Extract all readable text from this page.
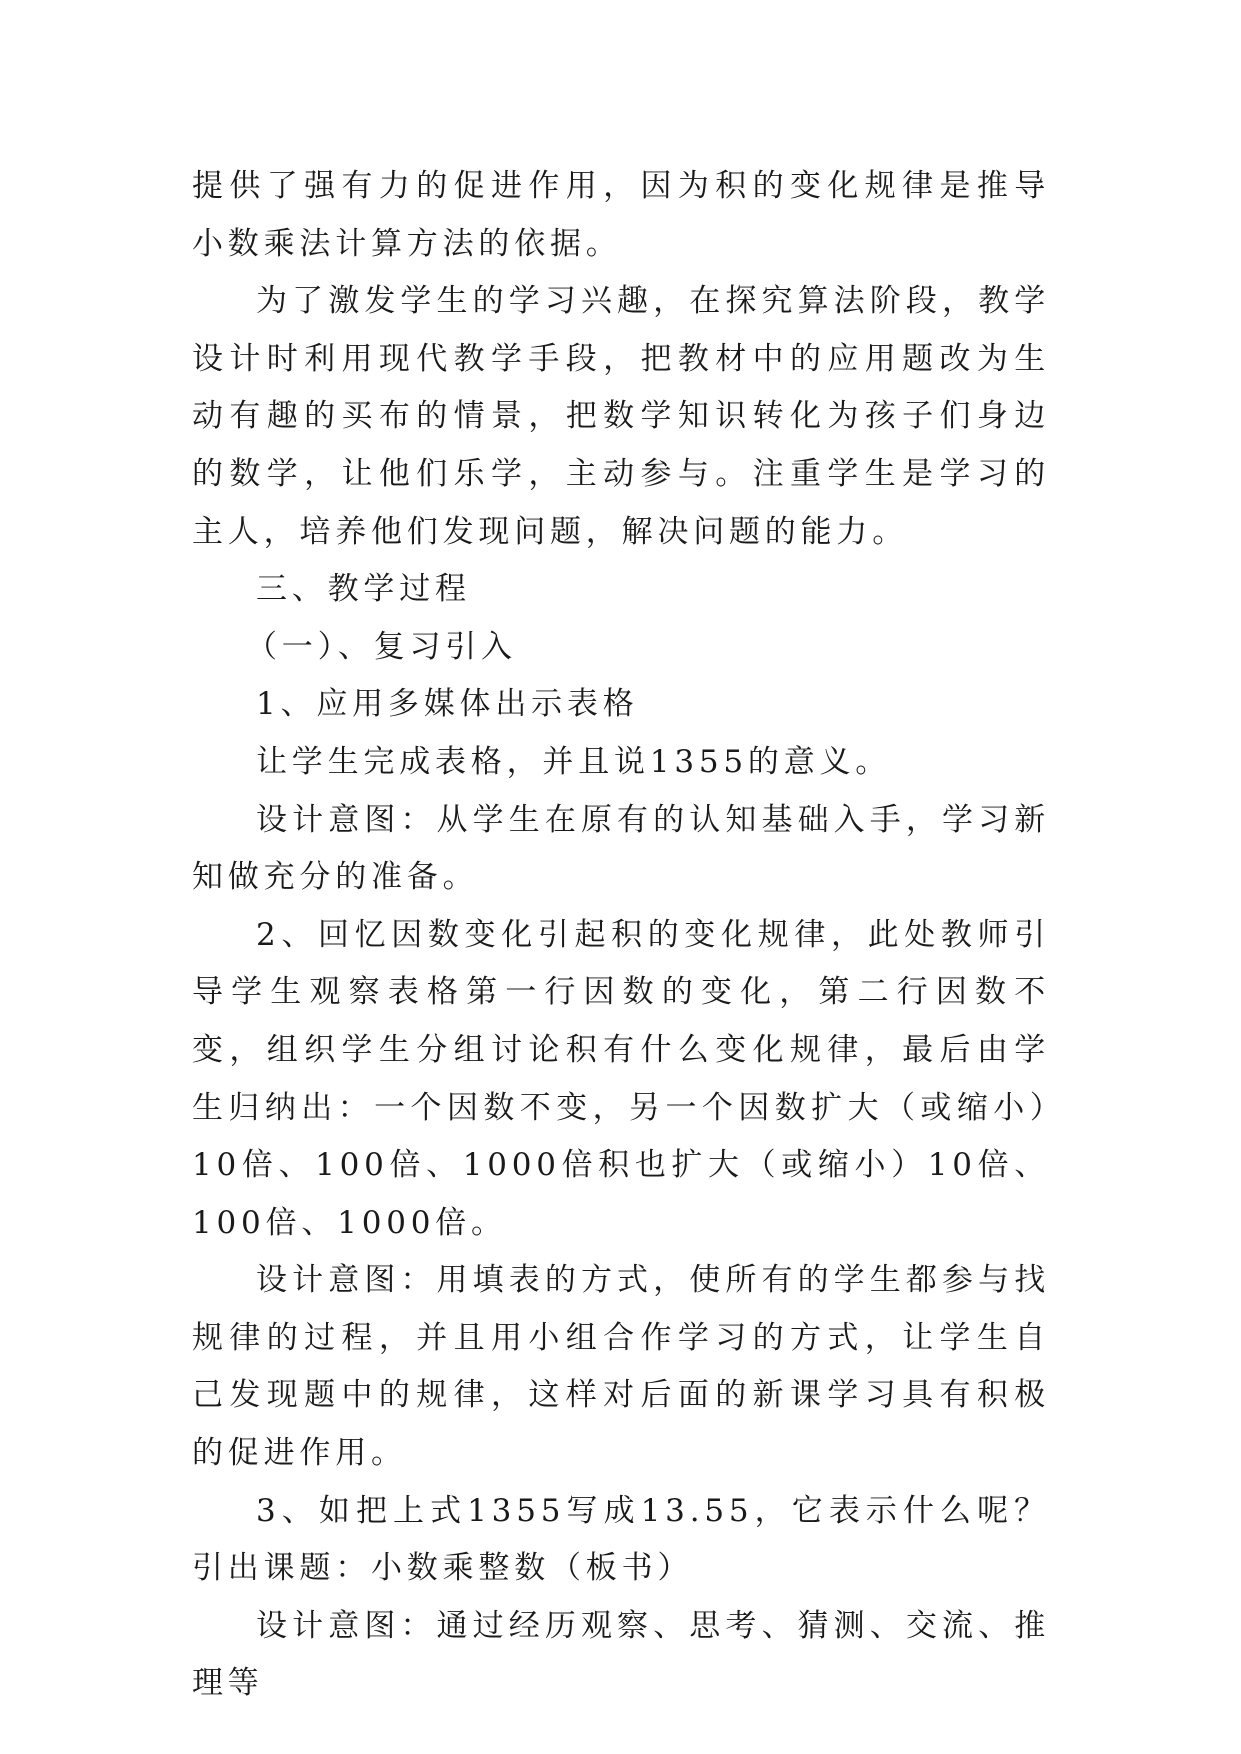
提供了强有力的促进作用，因为积的变化规律是推导小数乘法计算方法的依据。

为了激发学生的学习兴趣，在探究算法阶段，教学设计时利用现代教学手段，把教材中的应用题改为生动有趣的买布的情景，把数学知识转化为孩子们身边的数学，让他们乐学，主动参与。注重学生是学习的主人，培养他们发现问题，解决问题的能力。

三、教学过程

（一）、复习引入

1、应用多媒体出示表格

让学生完成表格，并且说1355的意义。

设计意图：从学生在原有的认知基础入手，学习新知做充分的准备。

2、回忆因数变化引起积的变化规律，此处教师引导学生观察表格第一行因数的变化，第二行因数不变，组织学生分组讨论积有什么变化规律，最后由学生归纳出：一个因数不变，另一个因数扩大（或缩小）10倍、100倍、1000倍积也扩大（或缩小）10倍、100倍、1000倍。

设计意图：用填表的方式，使所有的学生都参与找规律的过程，并且用小组合作学习的方式，让学生自己发现题中的规律，这样对后面的新课学习具有积极的促进作用。

3、如把上式1355写成13.55，它表示什么呢？引出课题：小数乘整数（板书）

设计意图：通过经历观察、思考、猜测、交流、推理等
